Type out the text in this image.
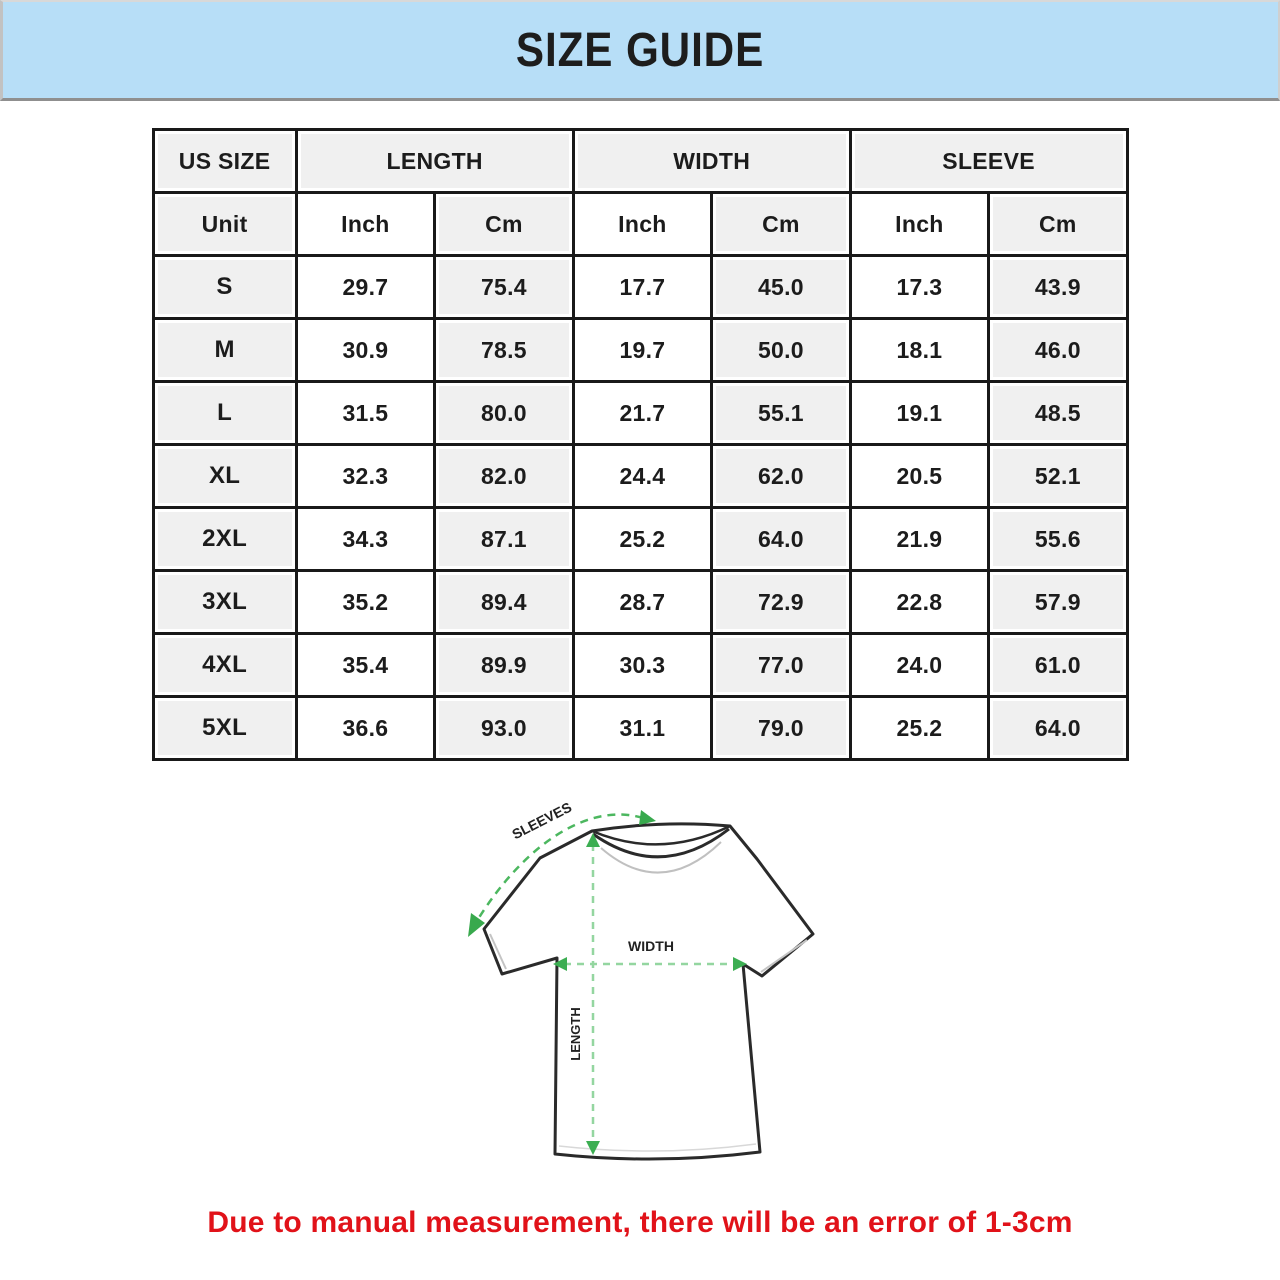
SIZE GUIDE
US SIZE	LENGTH		WIDTH		SLEEVE	

Unit	Inch	Cm	Inch	Cm	Inch	Cm

S	29.7	75.4	17.7	45.0	17.3	43.9

M	30.9	78.5	19.7	50.0	18.1	46.0

L	31.5	80.0	21.7	55.1	19.1	48.5

XL	32.3	82.0	24.4	62.0	20.5	52.1

2XL	34.3	87.1	25.2	64.0	21.9	55.6

3XL	35.2	89.4	28.7	72.9	22.8	57.9

4XL	35.4	89.9	30.3	77.0	24.0	61.0

5XL	36.6	93.0	31.1	79.0	25.2	64.0
LENGTH
WIDTH
SLEEVES
Due to manual measurement, there will be an error of 1-3cm
